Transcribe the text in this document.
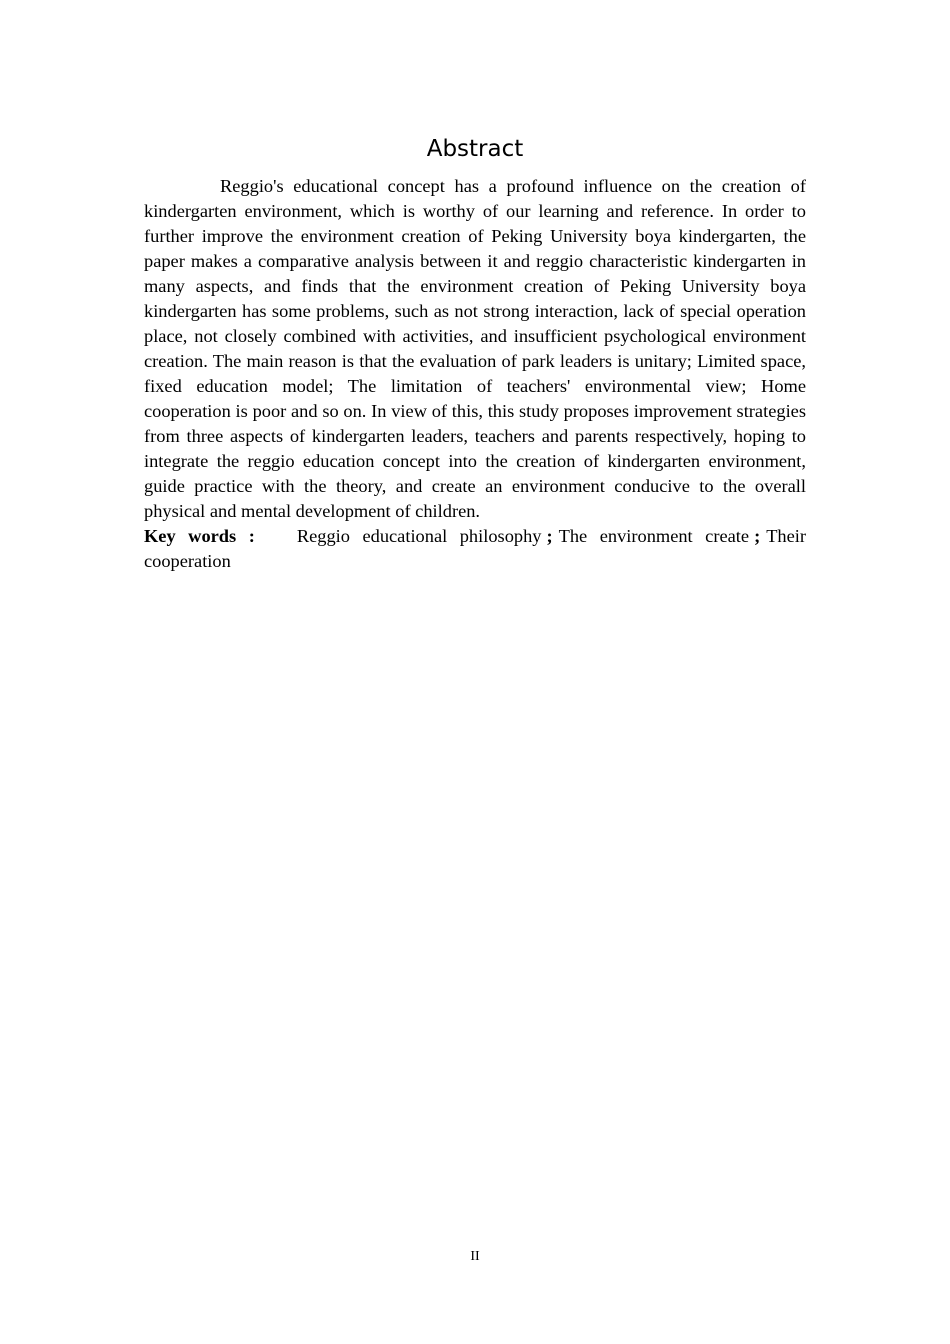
Abstract

Reggio's educational concept has a profound influence on the creation of kindergarten environment, which is worthy of our learning and reference. In order to further improve the environment creation of Peking University boya kindergarten, the paper makes a comparative analysis between it and reggio characteristic kindergarten in many aspects, and finds that the environment creation of Peking University boya kindergarten has some problems, such as not strong interaction, lack of special operation place, not closely combined with activities, and insufficient psychological environment creation. The main reason is that the evaluation of park leaders is unitary; Limited space, fixed education model; The limitation of teachers' environmental view; Home cooperation is poor and so on. In view of this, this study proposes improvement strategies from three aspects of kindergarten leaders, teachers and parents respectively, hoping to integrate the reggio education concept into the creation of kindergarten environment, guide practice with the theory, and create an environment conducive to the overall physical and mental development of children.

Key words : Reggio educational philosophy ; The environment create ; Their cooperation

II
